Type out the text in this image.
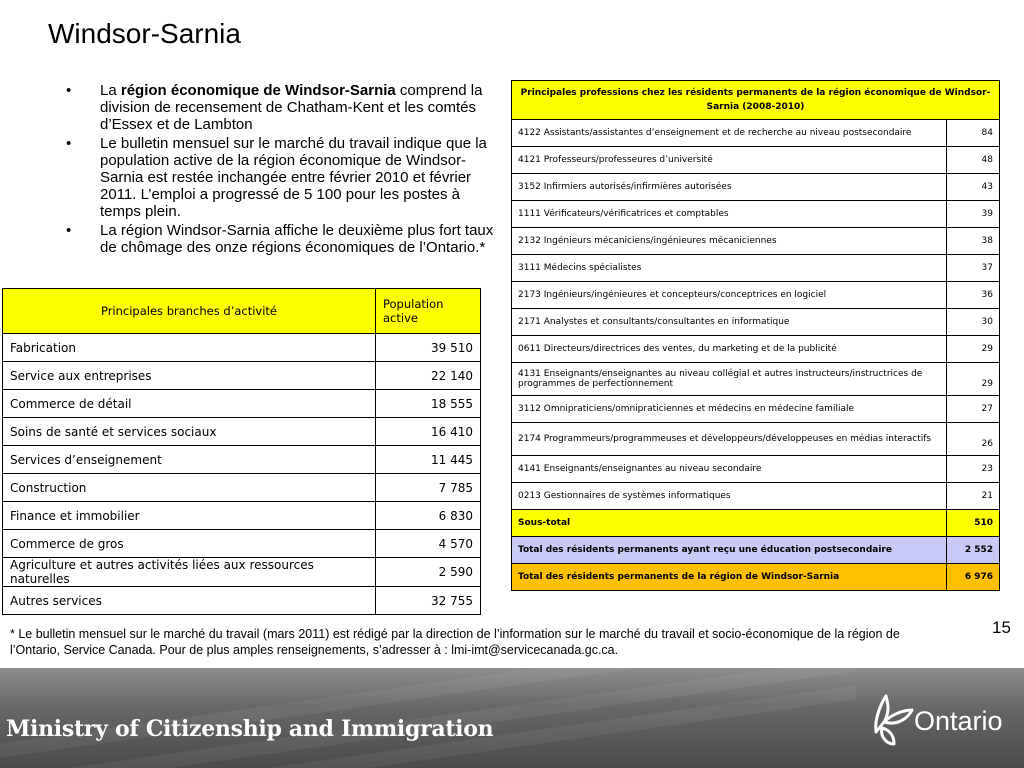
Windsor-Sarnia
• La région économique de Windsor-Sarnia comprend la division de recensement de Chatham-Kent et les comtés d’Essex et de Lambton
• Le bulletin mensuel sur le marché du travail indique que la population active de la région économique de Windsor-Sarnia est restée inchangée entre février 2010 et février 2011. L’emploi a progressé de 5 100 pour les postes à temps plein.
• La région Windsor-Sarnia affiche le deuxième plus fort taux de chômage des onze régions économiques de l’Ontario.*
Principales branches d’activité	Population active
Fabrication	39 510
Service aux entreprises	22 140
Commerce de détail	18 555
Soins de santé et services sociaux	16 410
Services d’enseignement	11 445
Construction	7 785
Finance et immobilier	6 830
Commerce de gros	4 570
Agriculture et autres activités liées aux ressources naturelles	2 590
Autres services	32 755
Principales professions chez les résidents permanents de la région économique de Windsor-Sarnia (2008-2010)	
4122 Assistants/assistantes d’enseignement et de recherche au niveau postsecondaire	84
4121 Professeurs/professeures d’université	48
3152 Infirmiers autorisés/infirmières autorisées	43
1111 Vérificateurs/vérificatrices et comptables	39
2132 Ingénieurs mécaniciens/ingénieures mécaniciennes	38
3111 Médecins spécialistes	37
2173 Ingénieurs/ingénieures et concepteurs/conceptrices en logiciel	36
2171 Analystes et consultants/consultantes en informatique	30
0611 Directeurs/directrices des ventes, du marketing et de la publicité	29
4131 Enseignants/enseignantes au niveau collégial et autres instructeurs/instructrices de programmes de perfectionnement	29
3112 Omnipraticiens/omnipraticiennes et médecins en médecine familiale	27
2174 Programmeurs/programmeuses et développeurs/développeuses en médias interactifs	26
4141 Enseignants/enseignantes au niveau secondaire	23
0213 Gestionnaires de systèmes informatiques	21
Sous-total	510
Total des résidents permanents ayant reçu une éducation postsecondaire	2 552
Total des résidents permanents de la région de Windsor-Sarnia	6 976
15
* Le bulletin mensuel sur le marché du travail (mars 2011) est rédigé par la direction de l’information sur le marché du travail et socio-économique de la région de l’Ontario, Service Canada. Pour de plus amples renseignements, s’adresser à : lmi-imt@servicecanada.gc.ca.
Ministry of Citizenship and Immigration	Ontario
